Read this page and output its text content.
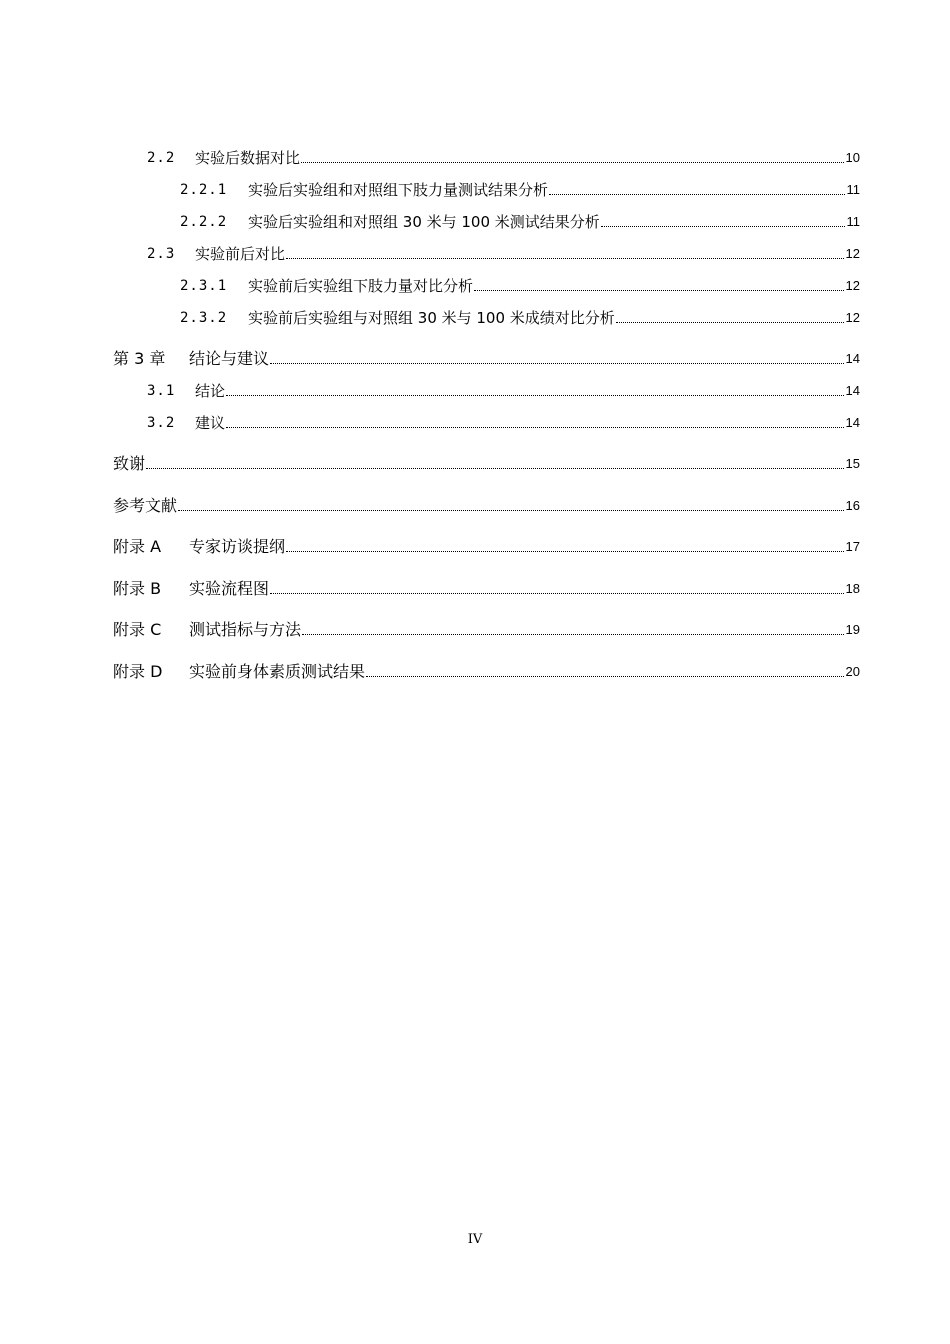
2.2	实验后数据对比	10
2.2.1	实验后实验组和对照组下肢力量测试结果分析	11
2.2.2	实验后实验组和对照组 30 米与 100 米测试结果分析	11
2.3	实验前后对比	12
2.3.1	实验前后实验组下肢力量对比分析	12
2.3.2	实验前后实验组与对照组 30 米与 100 米成绩对比分析	12
第 3 章	结论与建议	14
3.1	结论	14
3.2	建议	14
致谢	15
参考文献	16
附录 A	专家访谈提纲	17
附录 B	实验流程图	18
附录 C	测试指标与方法	19
附录 D	实验前身体素质测试结果	20
IV
